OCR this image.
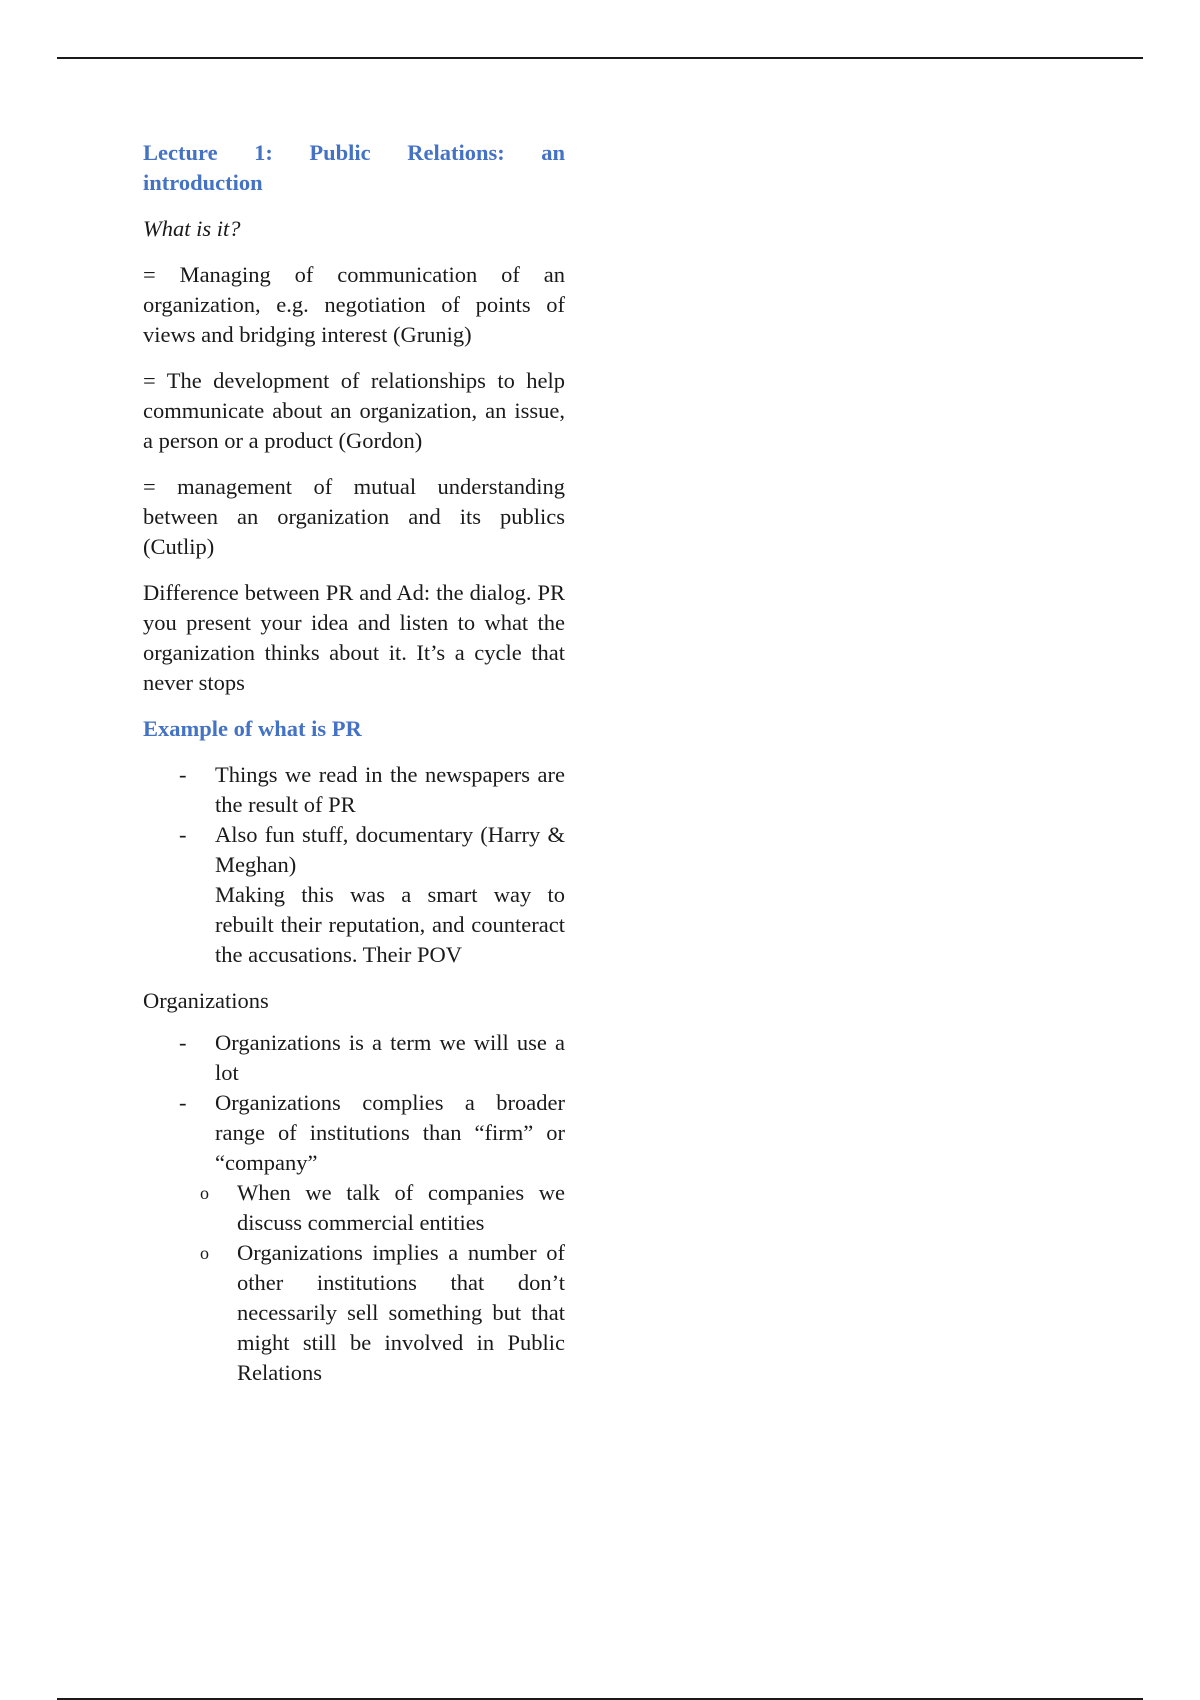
Lecture 1: Public Relations: an
introduction

What is it?

= Managing of communication of an organization, e.g. negotiation of points of views and bridging interest (Grunig)

= The development of relationships to help communicate about an organization, an issue, a person or a product (Gordon)

= management of mutual understanding between an organization and its publics (Cutlip)

Difference between PR and Ad: the dialog. PR you present your idea and listen to what the organization thinks about it. It’s a cycle that never stops

Example of what is PR
- Things we read in the newspapers are the result of PR
- Also fun stuff, documentary (Harry & Meghan)
Making this was a smart way to rebuilt their reputation, and counteract the accusations. Their POV

Organizations

- Organizations is a term we will use a lot
- Organizations complies a broader range of institutions than “firm” or “company”
o When we talk of companies we discuss commercial entities
o Organizations implies a number of other institutions that don’t necessarily sell something but that might still be involved in Public Relations
